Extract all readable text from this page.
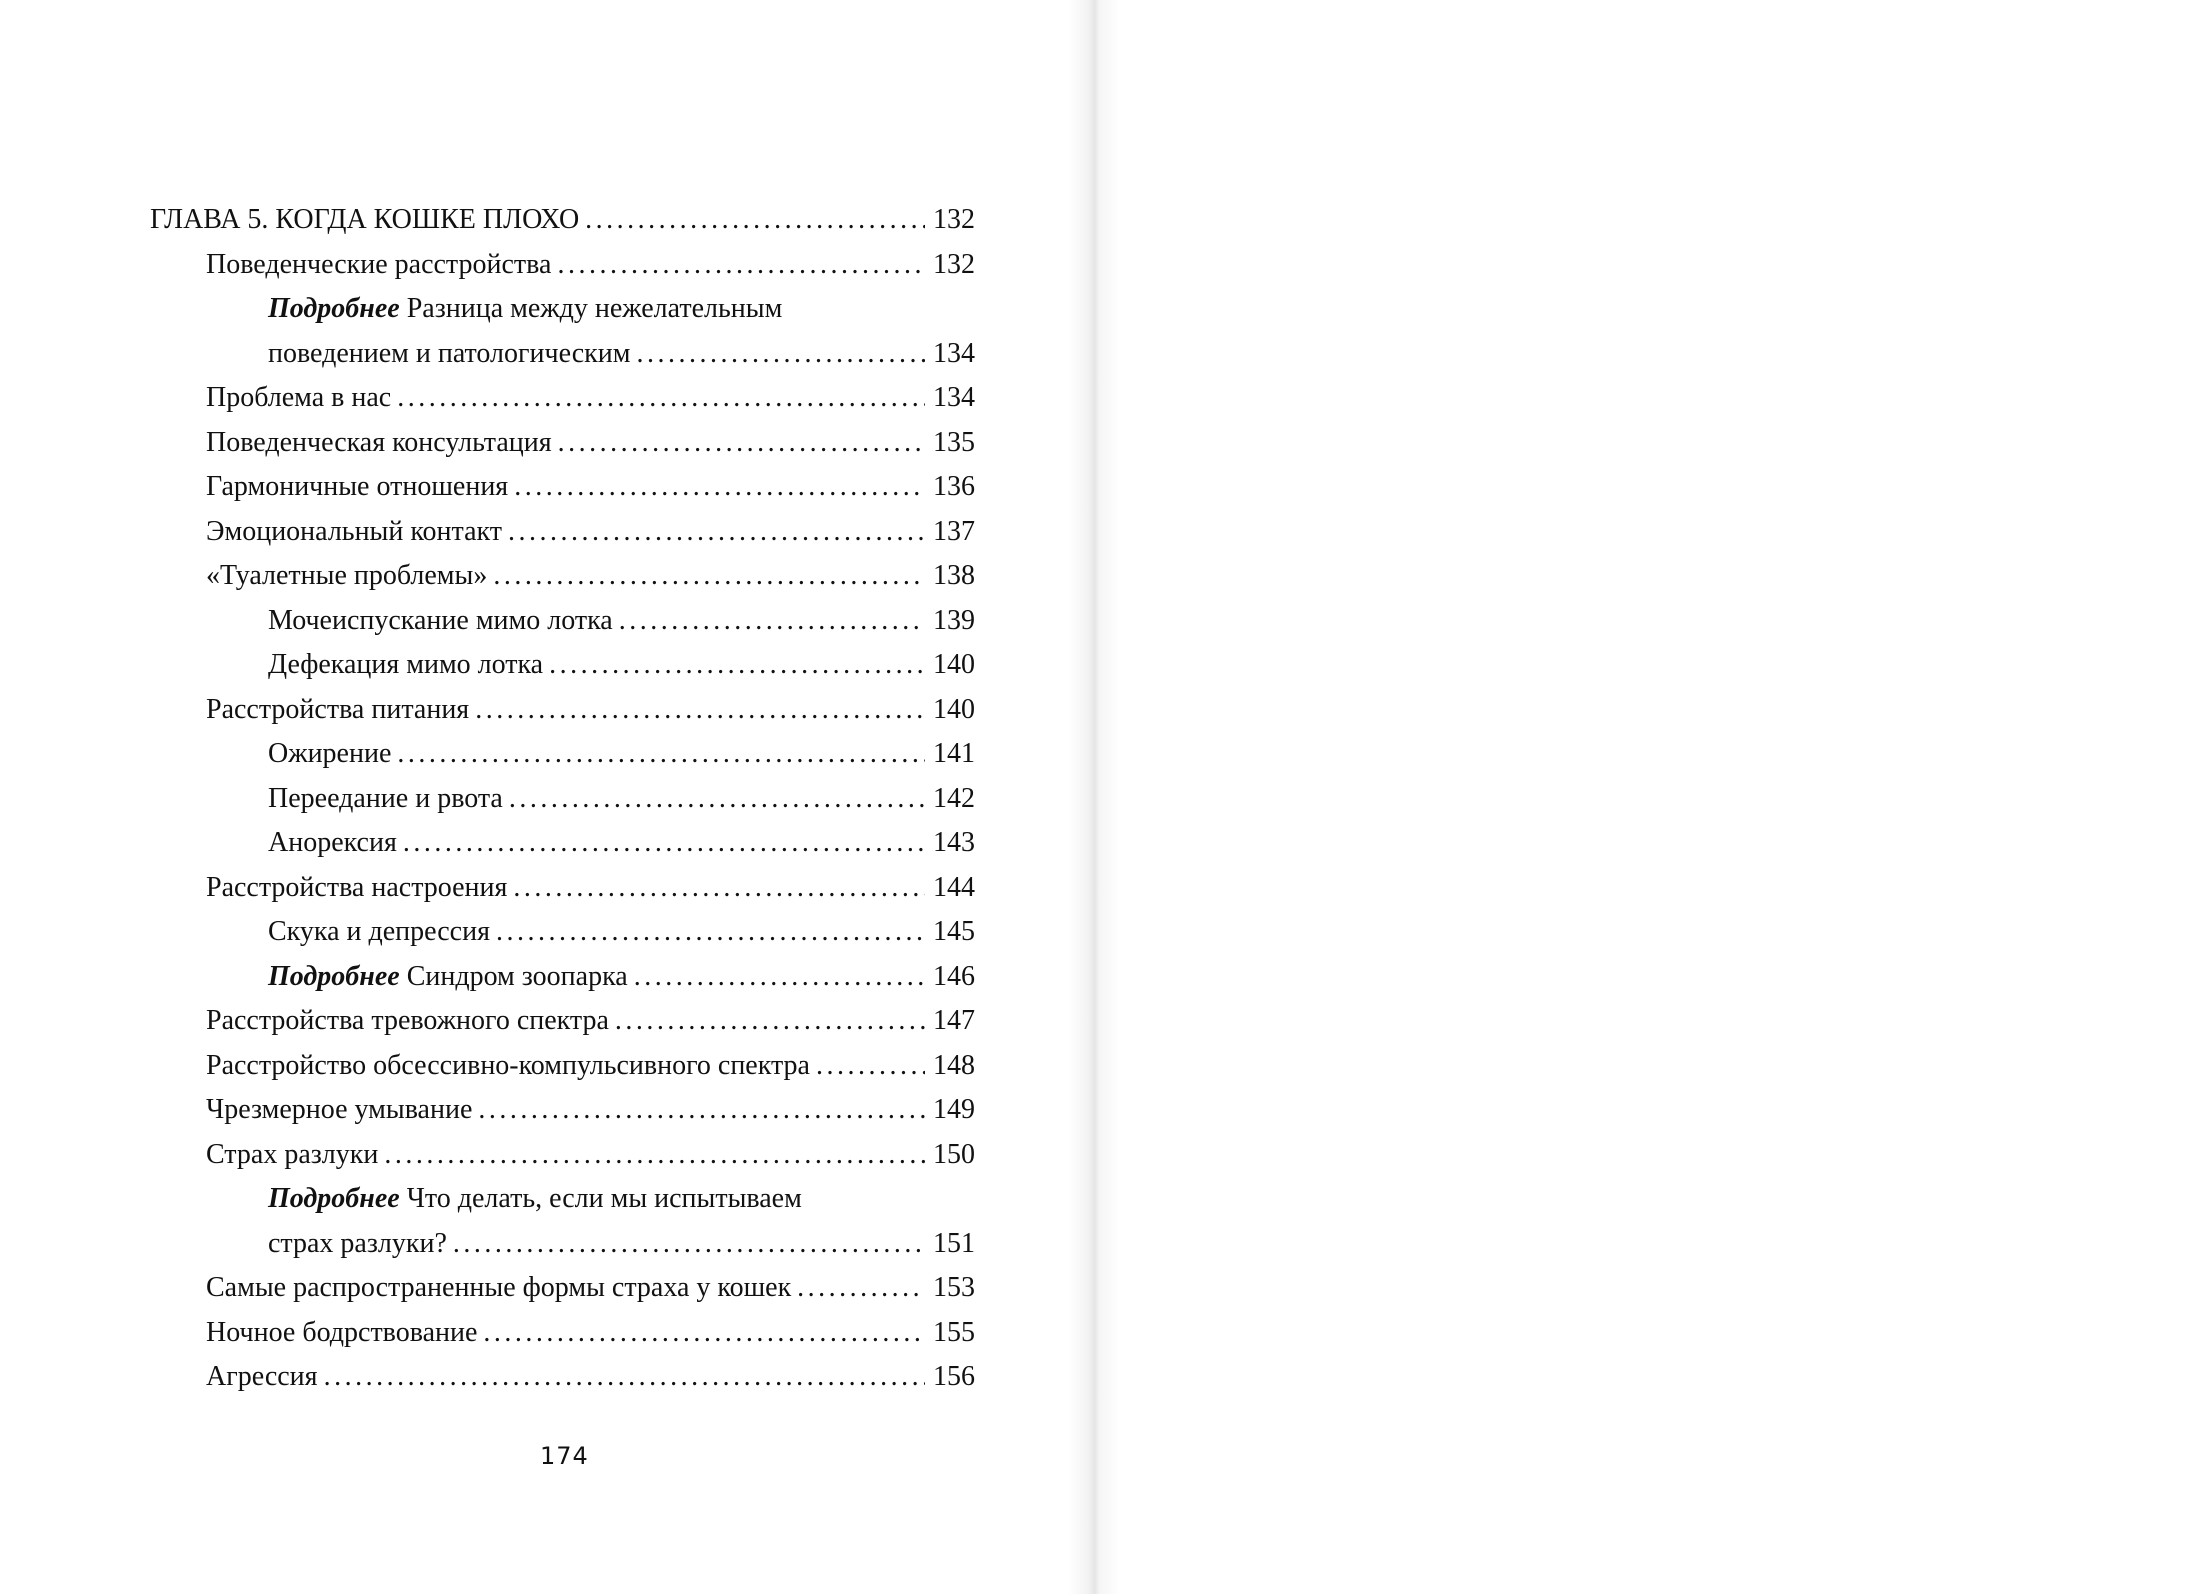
ГЛАВА 5. КОГДА КОШКЕ ПЛОХО .....	132
Поведенческие расстройства .....	132
Подробнее Разница между нежелательным
поведением и патологическим .....	134
Проблема в нас .....	134
Поведенческая консультация .....	135
Гармоничные отношения .....	136
Эмоциональный контакт .....	137
«Туалетные проблемы» .....	138
Мочеиспускание мимо лотка .....	139
Дефекация мимо лотка .....	140
Расстройства питания .....	140
Ожирение .....	141
Переедание и рвота .....	142
Анорексия .....	143
Расстройства настроения .....	144
Скука и депрессия .....	145
Подробнее Синдром зоопарка .....	146
Расстройства тревожного спектра .....	147
Расстройство обсессивно-компульсивного спектра .....	148
Чрезмерное умывание .....	149
Страх разлуки .....	150
Подробнее Что делать, если мы испытываем
страх разлуки? .....	151
Самые распространенные формы страха у кошек .....	153
Ночное бодрствование .....	155
Агрессия .....	156
174
